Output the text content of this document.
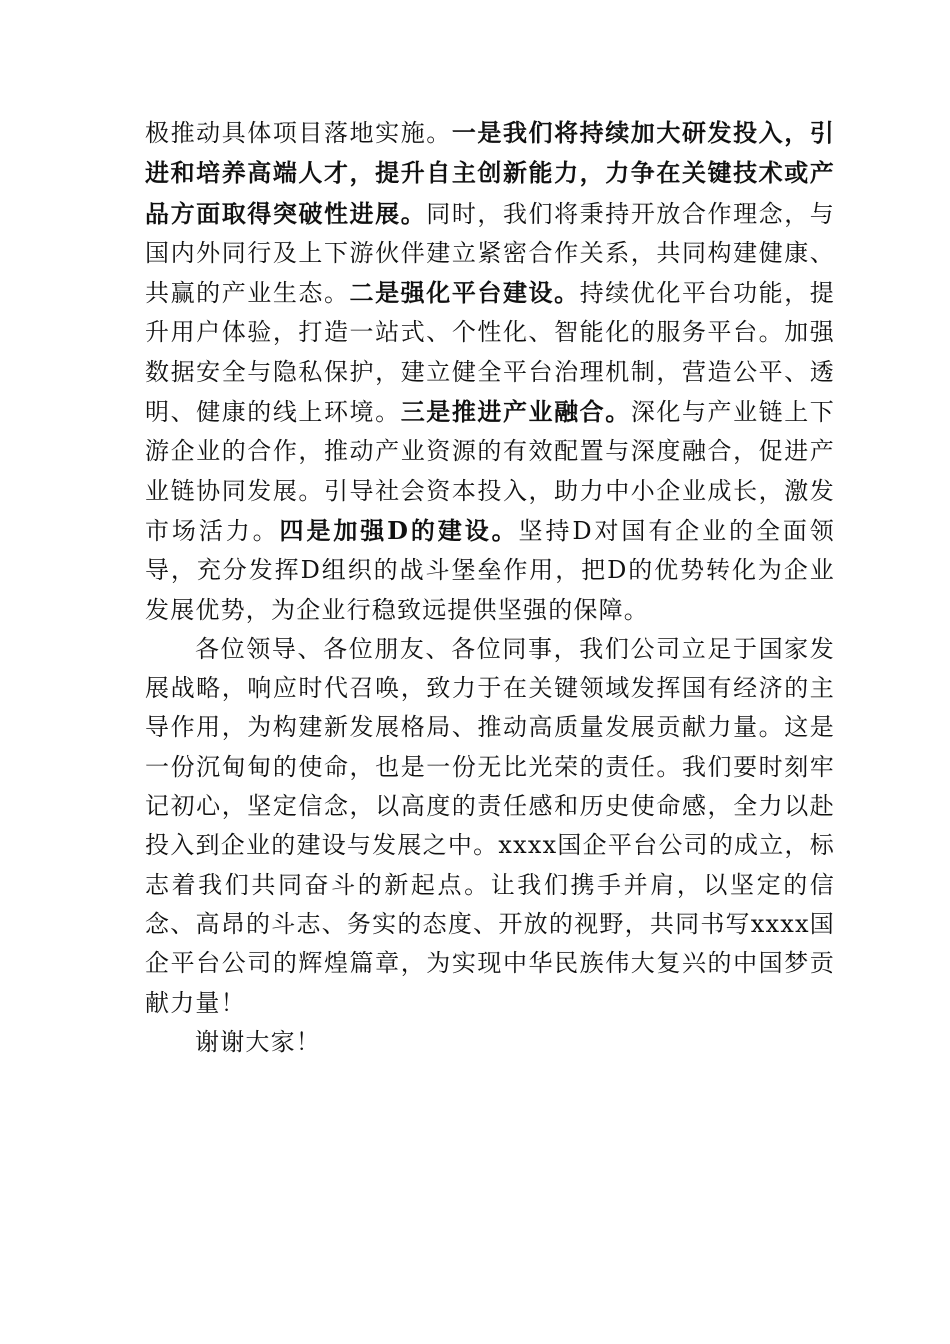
极推动具体项目落地实施。一是我们将持续加大研发投入，引进和培养高端人才，提升自主创新能力，力争在关键技术或产品方面取得突破性进展。同时，我们将秉持开放合作理念，与国内外同行及上下游伙伴建立紧密合作关系，共同构建健康、共赢的产业生态。二是强化平台建设。持续优化平台功能，提升用户体验，打造一站式、个性化、智能化的服务平台。加强数据安全与隐私保护，建立健全平台治理机制，营造公平、透明、健康的线上环境。三是推进产业融合。深化与产业链上下游企业的合作，推动产业资源的有效配置与深度融合，促进产业链协同发展。引导社会资本投入，助力中小企业成长，激发市场活力。四是加强D的建设。坚持D对国有企业的全面领导，充分发挥D组织的战斗堡垒作用，把D的优势转化为企业发展优势，为企业行稳致远提供坚强的保障。

各位领导、各位朋友、各位同事，我们公司立足于国家发展战略，响应时代召唤，致力于在关键领域发挥国有经济的主导作用，为构建新发展格局、推动高质量发展贡献力量。这是一份沉甸甸的使命，也是一份无比光荣的责任。我们要时刻牢记初心，坚定信念，以高度的责任感和历史使命感，全力以赴投入到企业的建设与发展之中。xxxx国企平台公司的成立，标志着我们共同奋斗的新起点。让我们携手并肩，以坚定的信念、高昂的斗志、务实的态度、开放的视野，共同书写xxxx国企平台公司的辉煌篇章，为实现中华民族伟大复兴的中国梦贡献力量！

谢谢大家！
